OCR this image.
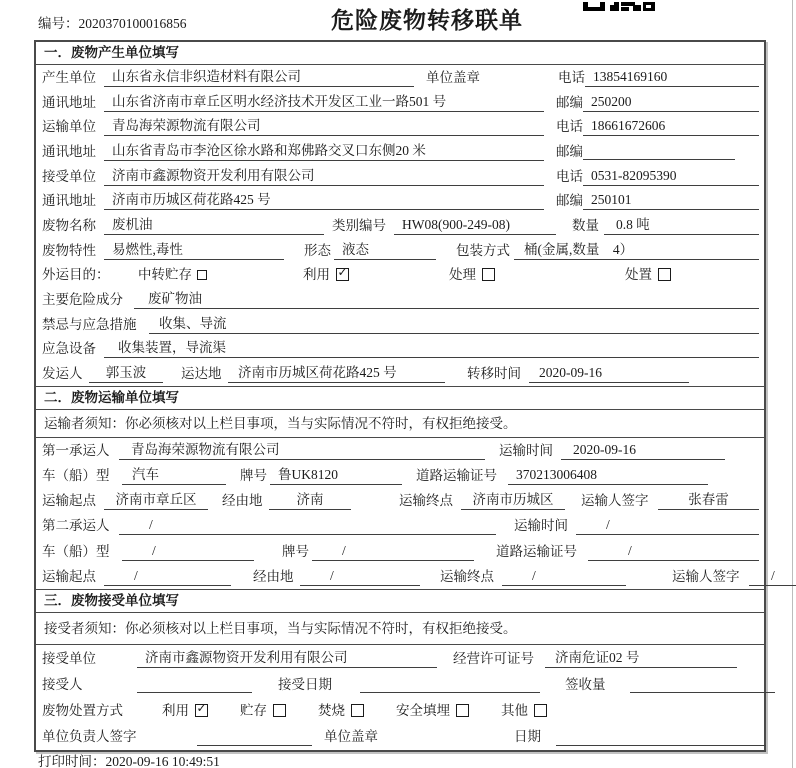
编号：2020370100016856	危险废物转移联单
一．废物产生单位填写
产生单位	山东省永信非织造材料有限公司	单位盖章	电话 13854169160
通讯地址	山东省济南市章丘区明水经济技术开发区工业一路501 号	邮编 250200
运输单位	青岛海荣源物流有限公司	电话 18661672606
通讯地址	山东省青岛市李沧区徐水路和郑佛路交叉口东侧20 米	邮编
接受单位	济南市鑫源物资开发利用有限公司	电话 0531-82095390
通讯地址	济南市历城区荷花路425 号	邮编 250101
废物名称	废机油	类别编号	HW08(900-249-08)	数量	0.8 吨
废物特性	易燃性,毒性	形态 液态	包装方式	桶(金属,数量　4）
外运目的：	中转贮存	利用 ✓	处理	处置
主要危险成分	废矿物油
禁忌与应急措施	收集、导流
应急设备	收集装置，导流渠
发运人	郭玉波	运达地	济南市历城区荷花路425 号	转移时间	2020-09-16
二．废物运输单位填写
运输者须知：你必须核对以上栏目事项，当与实际情况不符时，有权拒绝接受。
第一承运人	青岛海荣源物流有限公司	运输时间	2020-09-16
车（船）型	汽车	牌号 鲁UK8120	道路运输证号	370213006408
运输起点	济南市章丘区	经由地	济南	运输终点	济南市历城区	运输人签字	张春雷
第二承运人	/	运输时间	/
车（船）型	/	牌号	/	道路运输证号	/
运输起点	/	经由地	/	运输终点	/	运输人签字	/
三．废物接受单位填写
接受者须知：你必须核对以上栏目事项，当与实际情况不符时，有权拒绝接受。
接受单位	济南市鑫源物资开发利用有限公司	经营许可证号	济南危证02 号
接受人	接受日期	签收量
废物处置方式	利用 ✓ 贮存	焚烧	安全填埋	其他
单位负责人签字	单位盖章	日期
打印时间：2020-09-16 10:49:51
